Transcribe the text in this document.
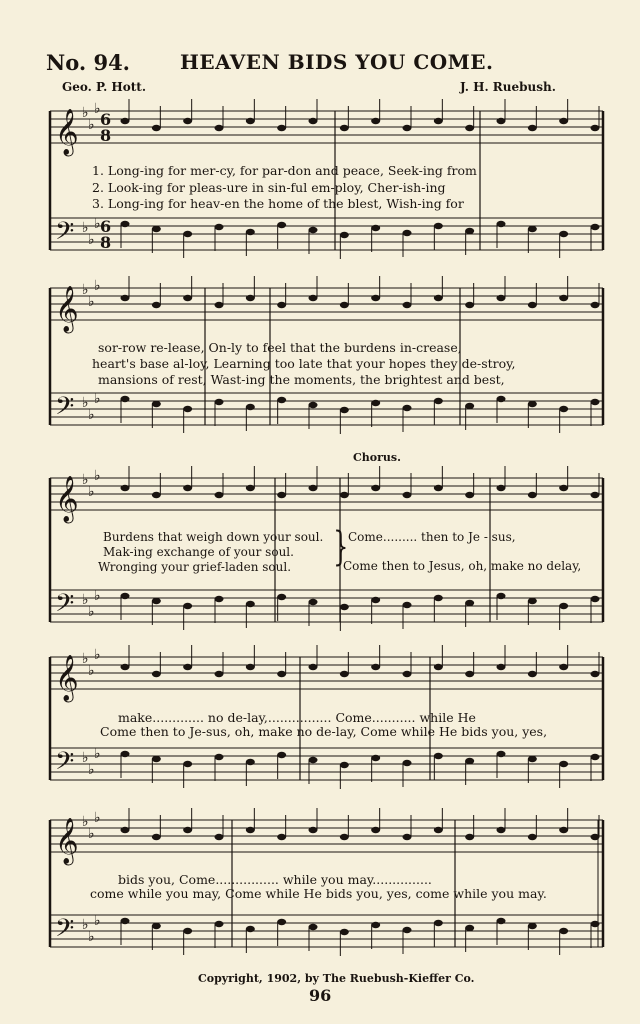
No. 94.	HEAVEN BIDS YOU COME.
Geo. P. Hott.	J. H. Ruebush.
𝄞 ♭
♭
♭
6
8
𝄢 ♭
♭
♭ 6
8
𝄞 ♭
♭
♭
𝄢 ♭
♭
♭
𝄞 ♭
♭
♭
𝄢 ♭
♭
♭
𝄞 ♭
♭
♭
𝄢 ♭
♭
♭
𝄞 ♭
♭
♭
𝄢 ♭
♭
♭
1. Long-ing for mer-cy, for par-don and peace, Seek-ing from
2. Look-ing for pleas-ure in sin-ful em-ploy, Cher-ish-ing
3. Long-ing for heav-en the home of the blest, Wish-ing for
sor-row re-lease, On-ly to feel that the burdens in-crease,
heart's base al-loy, Learning too late that your hopes they de-stroy,
mansions of rest, Wast-ing the moments, the brightest and best,
Chorus.
Burdens that weigh down your soul.
Mak-ing exchange of your soul.
Wronging your grief-laden soul. } Come......... then to Je - sus,
Come then to Jesus, oh, make no delay,
make............. no de-lay,................ Come........... while He
Come then to Je-sus, oh, make no de-lay, Come while He bids you, yes,
bids you, Come................ while you may...............
come while you may, Come while He bids you, yes, come while you may.
Copyright, 1902, by The Ruebush-Kieffer Co.
96
